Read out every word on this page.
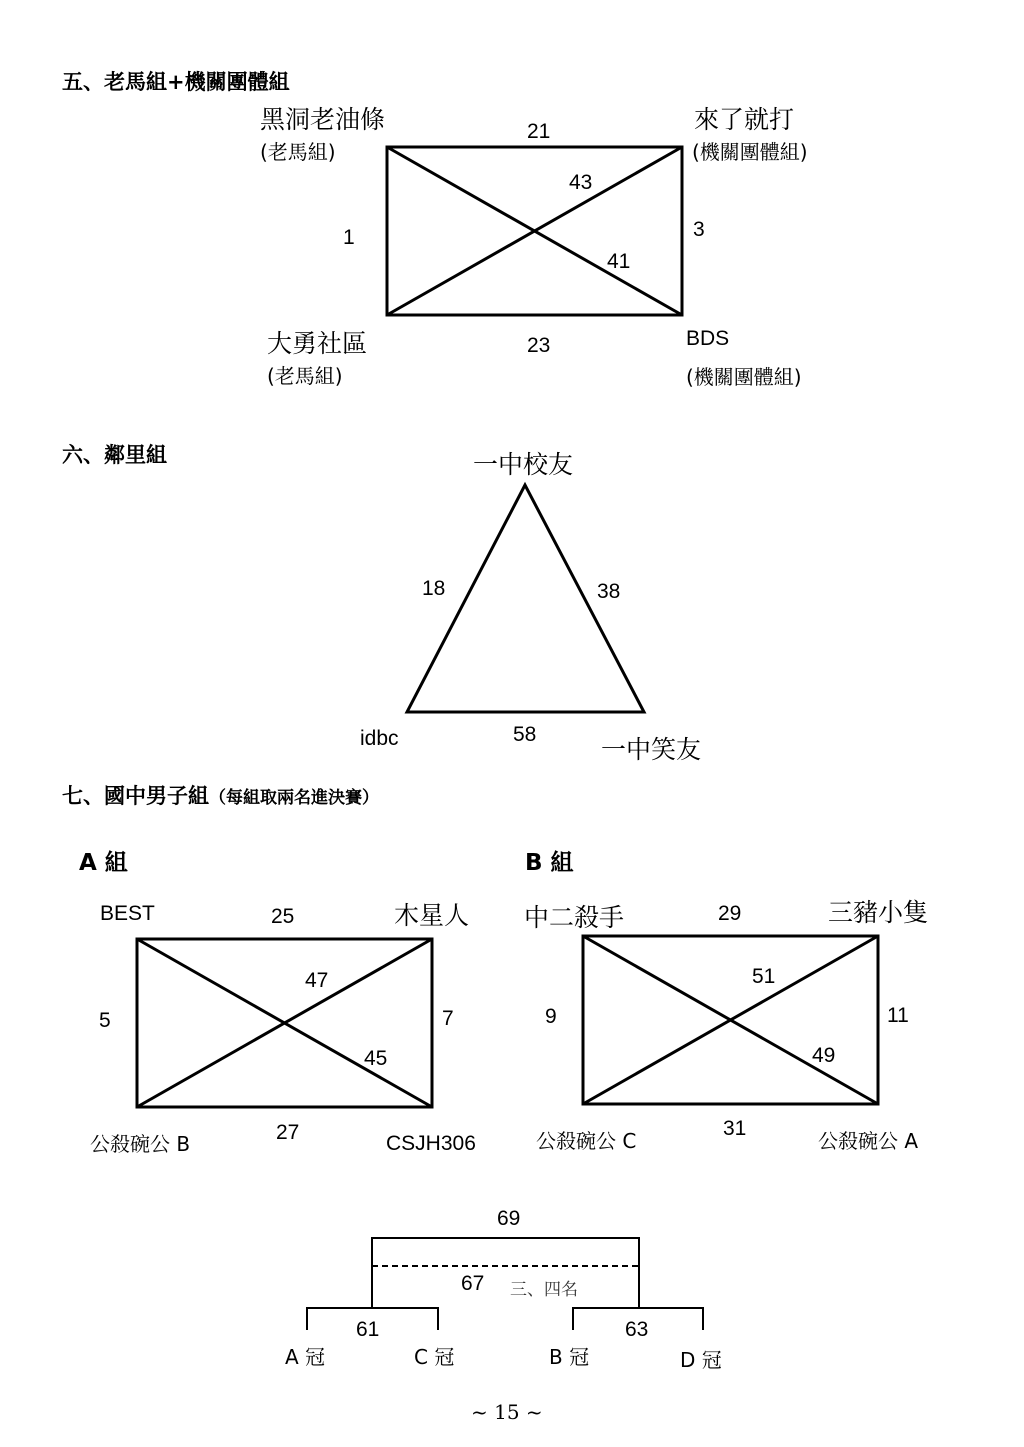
五、老馬組+機關團體組
黑洞老油條
(老馬組)
來了就打
(機關團體組)
大勇社區
(老馬組)
BDS
(機關團體組)
21
1	3
23
43
41
六、鄰里組	一中校友
idbc	一中笑友
18	38
58
七、國中男子組（每組取兩名進決賽）
A 組
BEST	木星人
公殺碗公 B	CSJH306
25
5	7
27
47
45
B 組
中二殺手	三豬小隻
公殺碗公 C	公殺碗公 A
29
9	11
31
51
49
69
67 三、四名
61	63
A 冠	C 冠	B 冠	D 冠
~ 15 ~
